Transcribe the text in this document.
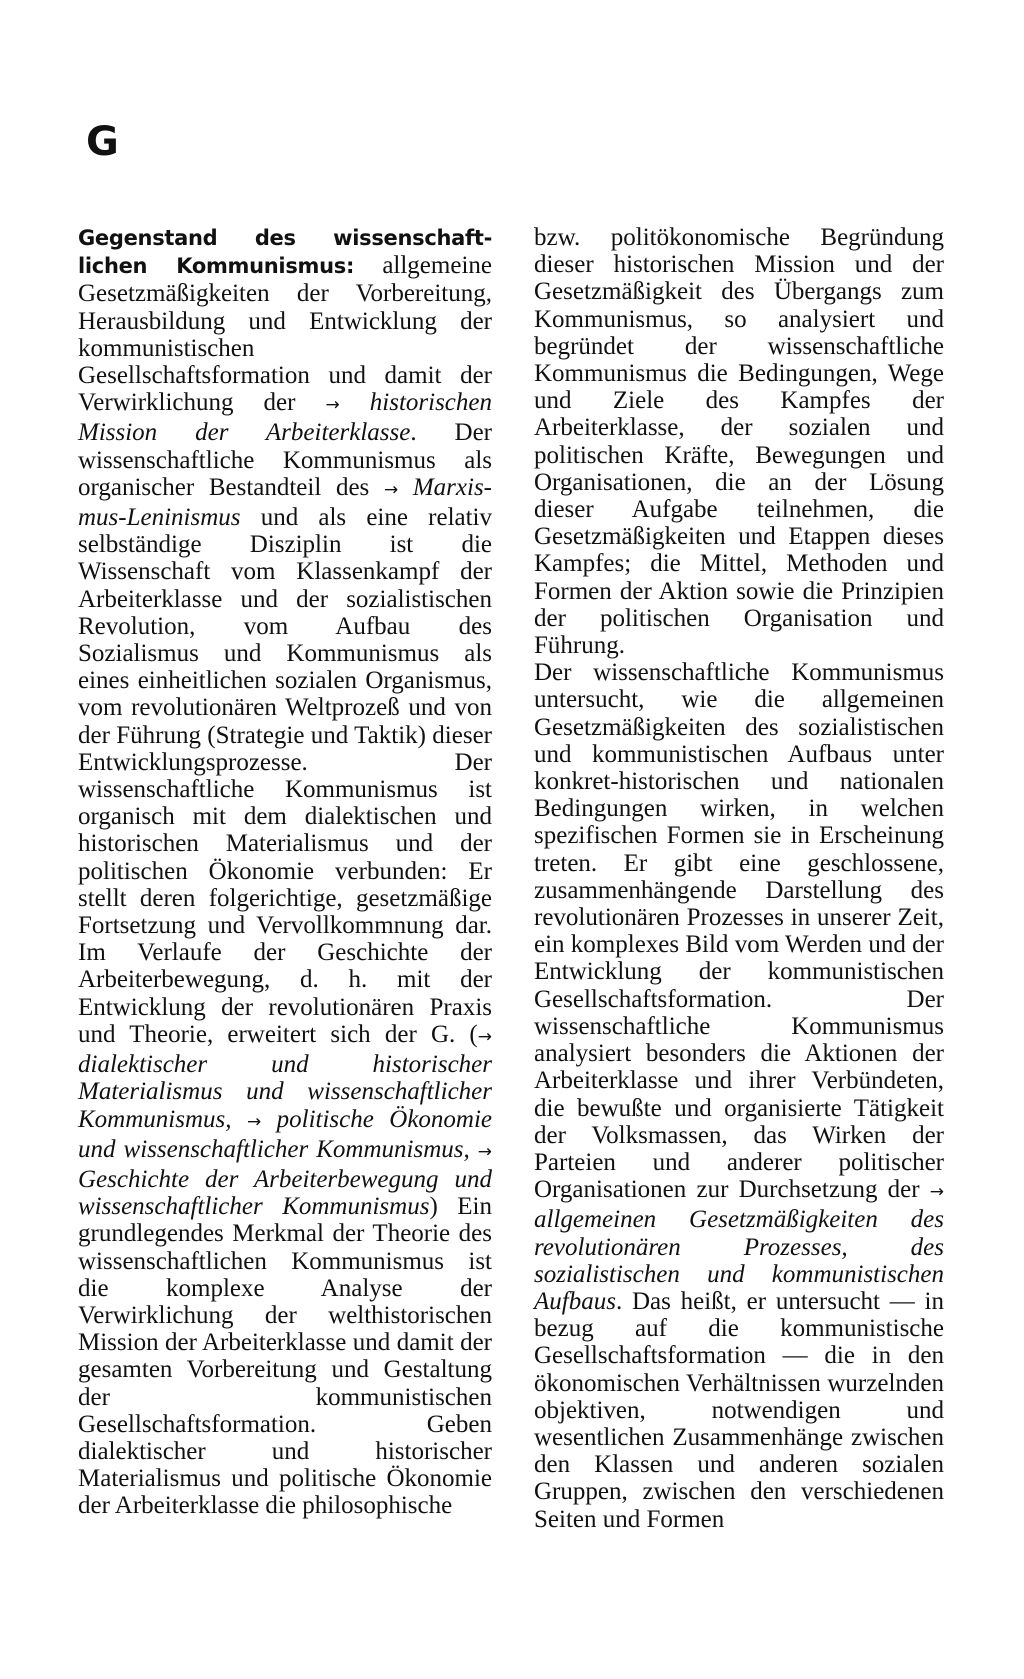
G

Gegenstand des wissenschaft-lichen Kommunismus: allgemeine Gesetzmäßigkeiten der Vorbereitung, Herausbildung und Entwicklung der kommunistischen Gesellschaftsformation und damit der Verwirklichung der → historischen Mission der Arbeiterklasse. Der wissenschaftliche Kommunismus als organischer Bestandteil des → Marxis-mus-Leninismus und als eine relativ selbständige Disziplin ist die Wissenschaft vom Klassenkampf der Arbeiterklasse und der sozialistischen Revolution, vom Aufbau des Sozialismus und Kommunismus als eines einheitlichen sozialen Organismus, vom revolutionären Weltprozeß und von der Führung (Strategie und Taktik) dieser Entwicklungsprozesse. Der wissenschaftliche Kommunismus ist organisch mit dem dialektischen und historischen Materialismus und der politischen Ökonomie verbunden: Er stellt deren folgerichtige, gesetzmäßige Fortsetzung und Vervollkommnung dar. Im Verlaufe der Geschichte der Arbeiterbewegung, d. h. mit der Entwicklung der revolutionären Praxis und Theorie, erweitert sich der G. (→ dialektischer und historischer Materialismus und wissenschaftlicher Kommunismus, → politische Ökonomie und wissenschaftlicher Kommunismus, → Geschichte der Arbeiterbewegung und wissenschaftlicher Kommunismus) Ein grundlegendes Merkmal der Theorie des wissenschaftlichen Kommunismus ist die komplexe Analyse der Verwirklichung der welthistorischen Mission der Arbeiterklasse und damit der gesamten Vorbereitung und Gestaltung der kommunistischen Gesellschaftsformation. Geben dialektischer und historischer Materialismus und politische Ökonomie der Arbeiterklasse die philosophische

bzw. politökonomische Begründung dieser historischen Mission und der Gesetzmäßigkeit des Übergangs zum Kommunismus, so analysiert und begründet der wissenschaftliche Kommunismus die Bedingungen, Wege und Ziele des Kampfes der Arbeiterklasse, der sozialen und politischen Kräfte, Bewegungen und Organisationen, die an der Lösung dieser Aufgabe teilnehmen, die Gesetzmäßigkeiten und Etappen dieses Kampfes; die Mittel, Methoden und Formen der Aktion sowie die Prinzipien der politischen Organisation und Führung.

Der wissenschaftliche Kommunismus untersucht, wie die allgemeinen Gesetzmäßigkeiten des sozialistischen und kommunistischen Aufbaus unter konkret-historischen und nationalen Bedingungen wirken, in welchen spezifischen Formen sie in Erscheinung treten. Er gibt eine geschlossene, zusammenhängende Darstellung des revolutionären Prozesses in unserer Zeit, ein komplexes Bild vom Werden und der Entwicklung der kommunistischen Gesellschaftsformation. Der wissenschaftliche Kommunismus analysiert besonders die Aktionen der Arbeiterklasse und ihrer Verbündeten, die bewußte und organisierte Tätigkeit der Volksmassen, das Wirken der Parteien und anderer politischer Organisationen zur Durchsetzung der → allgemeinen Gesetzmäßigkeiten des revolutionären Prozesses, des sozialistischen und kommunistischen Aufbaus. Das heißt, er untersucht — in bezug auf die kommunistische Gesellschaftsformation — die in den ökonomischen Verhältnissen wurzelnden objektiven, notwendigen und wesentlichen Zusammenhänge zwischen den Klassen und anderen sozialen Gruppen, zwischen den verschiedenen Seiten und Formen
